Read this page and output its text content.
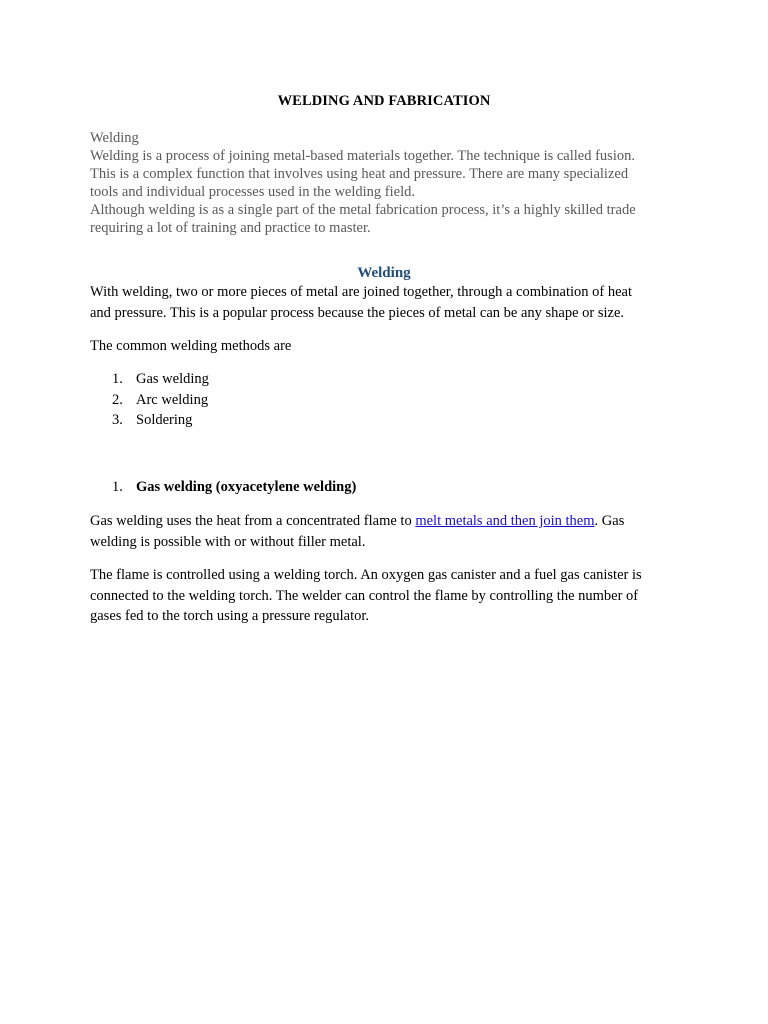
WELDING AND FABRICATION
Welding
Welding is a process of joining metal-based materials together. The technique is called fusion.
This is a complex function that involves using heat and pressure. There are many specialized
tools and individual processes used in the welding field.
Although welding is as a single part of the metal fabrication process, it’s a highly skilled trade
requiring a lot of training and practice to master.
Welding
With welding, two or more pieces of metal are joined together, through a combination of heat
and pressure. This is a popular process because the pieces of metal can be any shape or size.
The common welding methods are
1. Gas welding
2. Arc welding
3. Soldering
1. Gas welding (oxyacetylene welding)
Gas welding uses the heat from a concentrated flame to melt metals and then join them. Gas
welding is possible with or without filler metal.
The flame is controlled using a welding torch. An oxygen gas canister and a fuel gas canister is
connected to the welding torch. The welder can control the flame by controlling the number of
gases fed to the torch using a pressure regulator.
